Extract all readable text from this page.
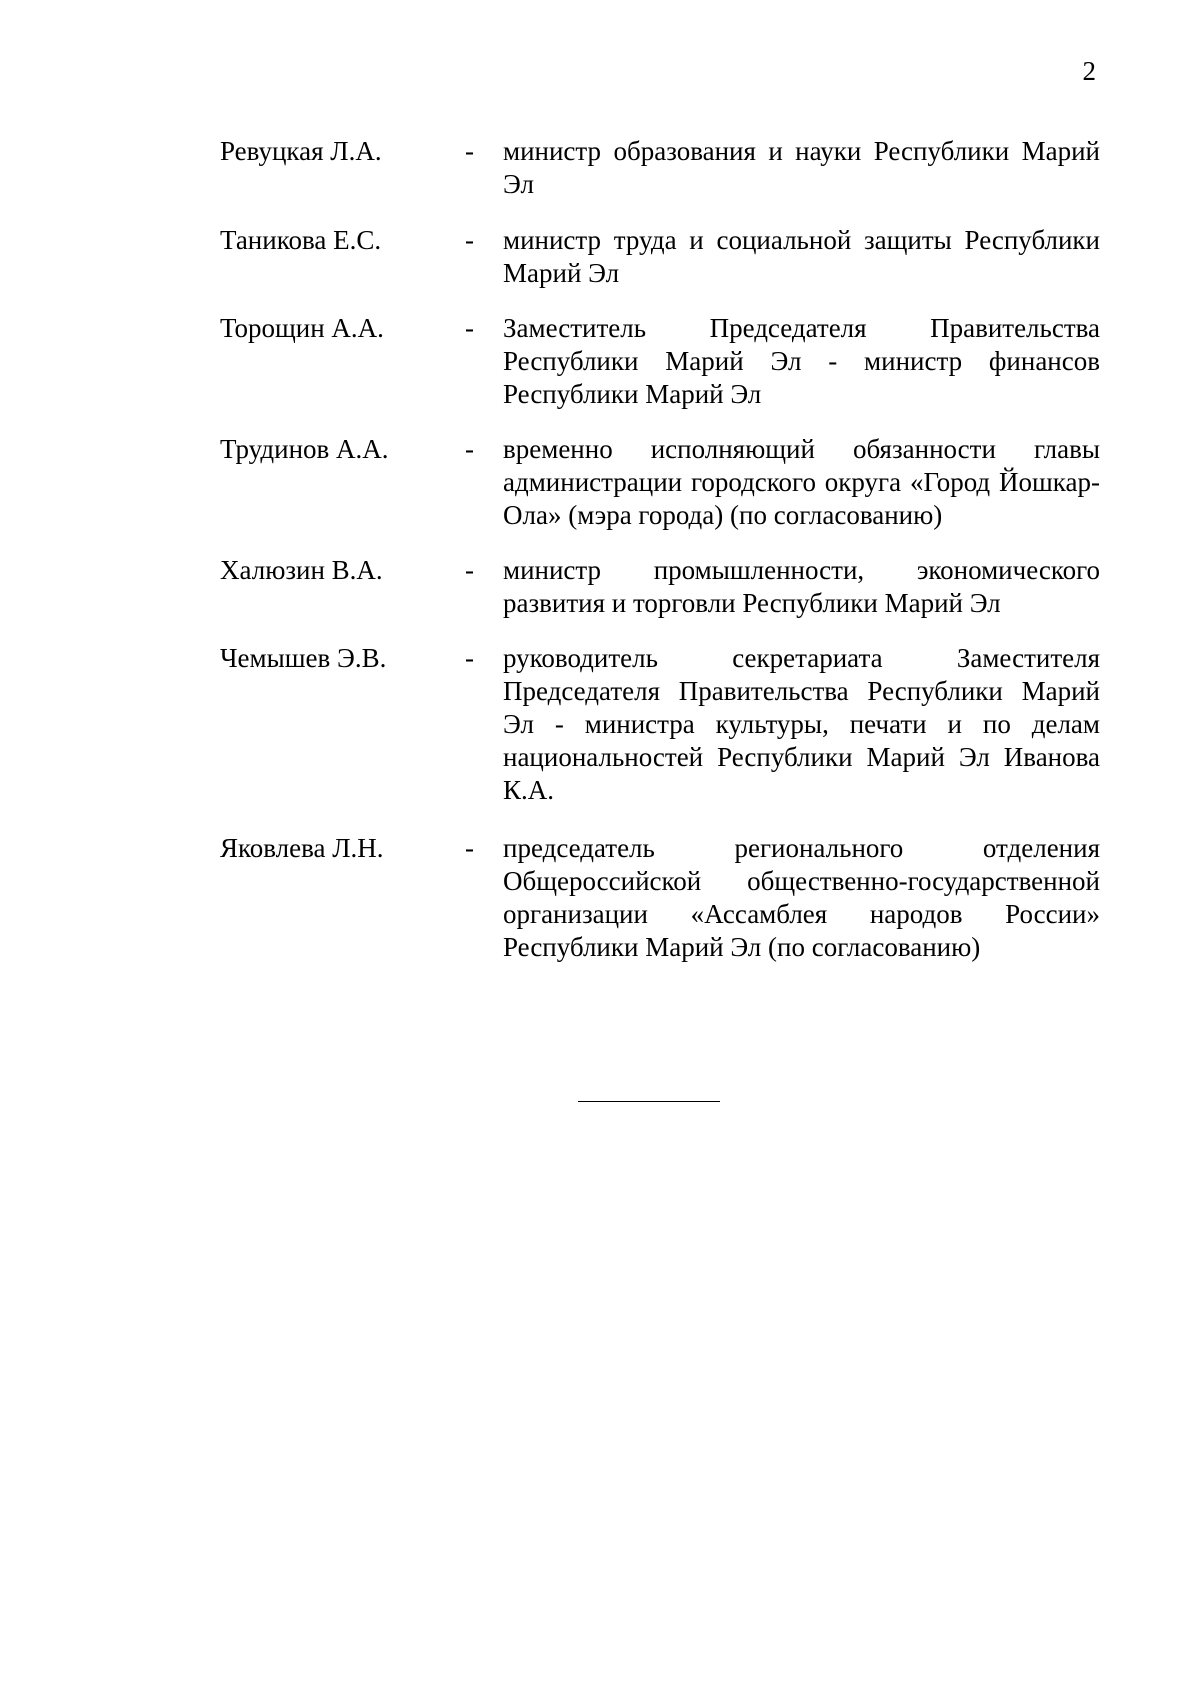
2
Ревуцкая Л.А.	-	министр образования и науки Республики Марий Эл
Таникова Е.С.	-	министр труда и социальной защиты Республики Марий Эл
Торощин А.А.	-	Заместитель Председателя Правительства Республики Марий Эл - министр финансов Республики Марий Эл
Трудинов А.А.	-	временно исполняющий обязанности главы администрации городского округа «Город Йошкар-Ола» (мэра города) (по согласованию)
Халюзин В.А.	-	министр промышленности, экономического развития и торговли Республики Марий Эл
Чемышев Э.В.	-	руководитель секретариата Заместителя Председателя Правительства Республики Марий Эл - министра культуры, печати и по делам национальностей Республики Марий Эл Иванова К.А.
Яковлева Л.Н.	-	председатель регионального отделения Общероссийской общественно-государственной организации «Ассамблея народов России» Республики Марий Эл (по согласованию)
